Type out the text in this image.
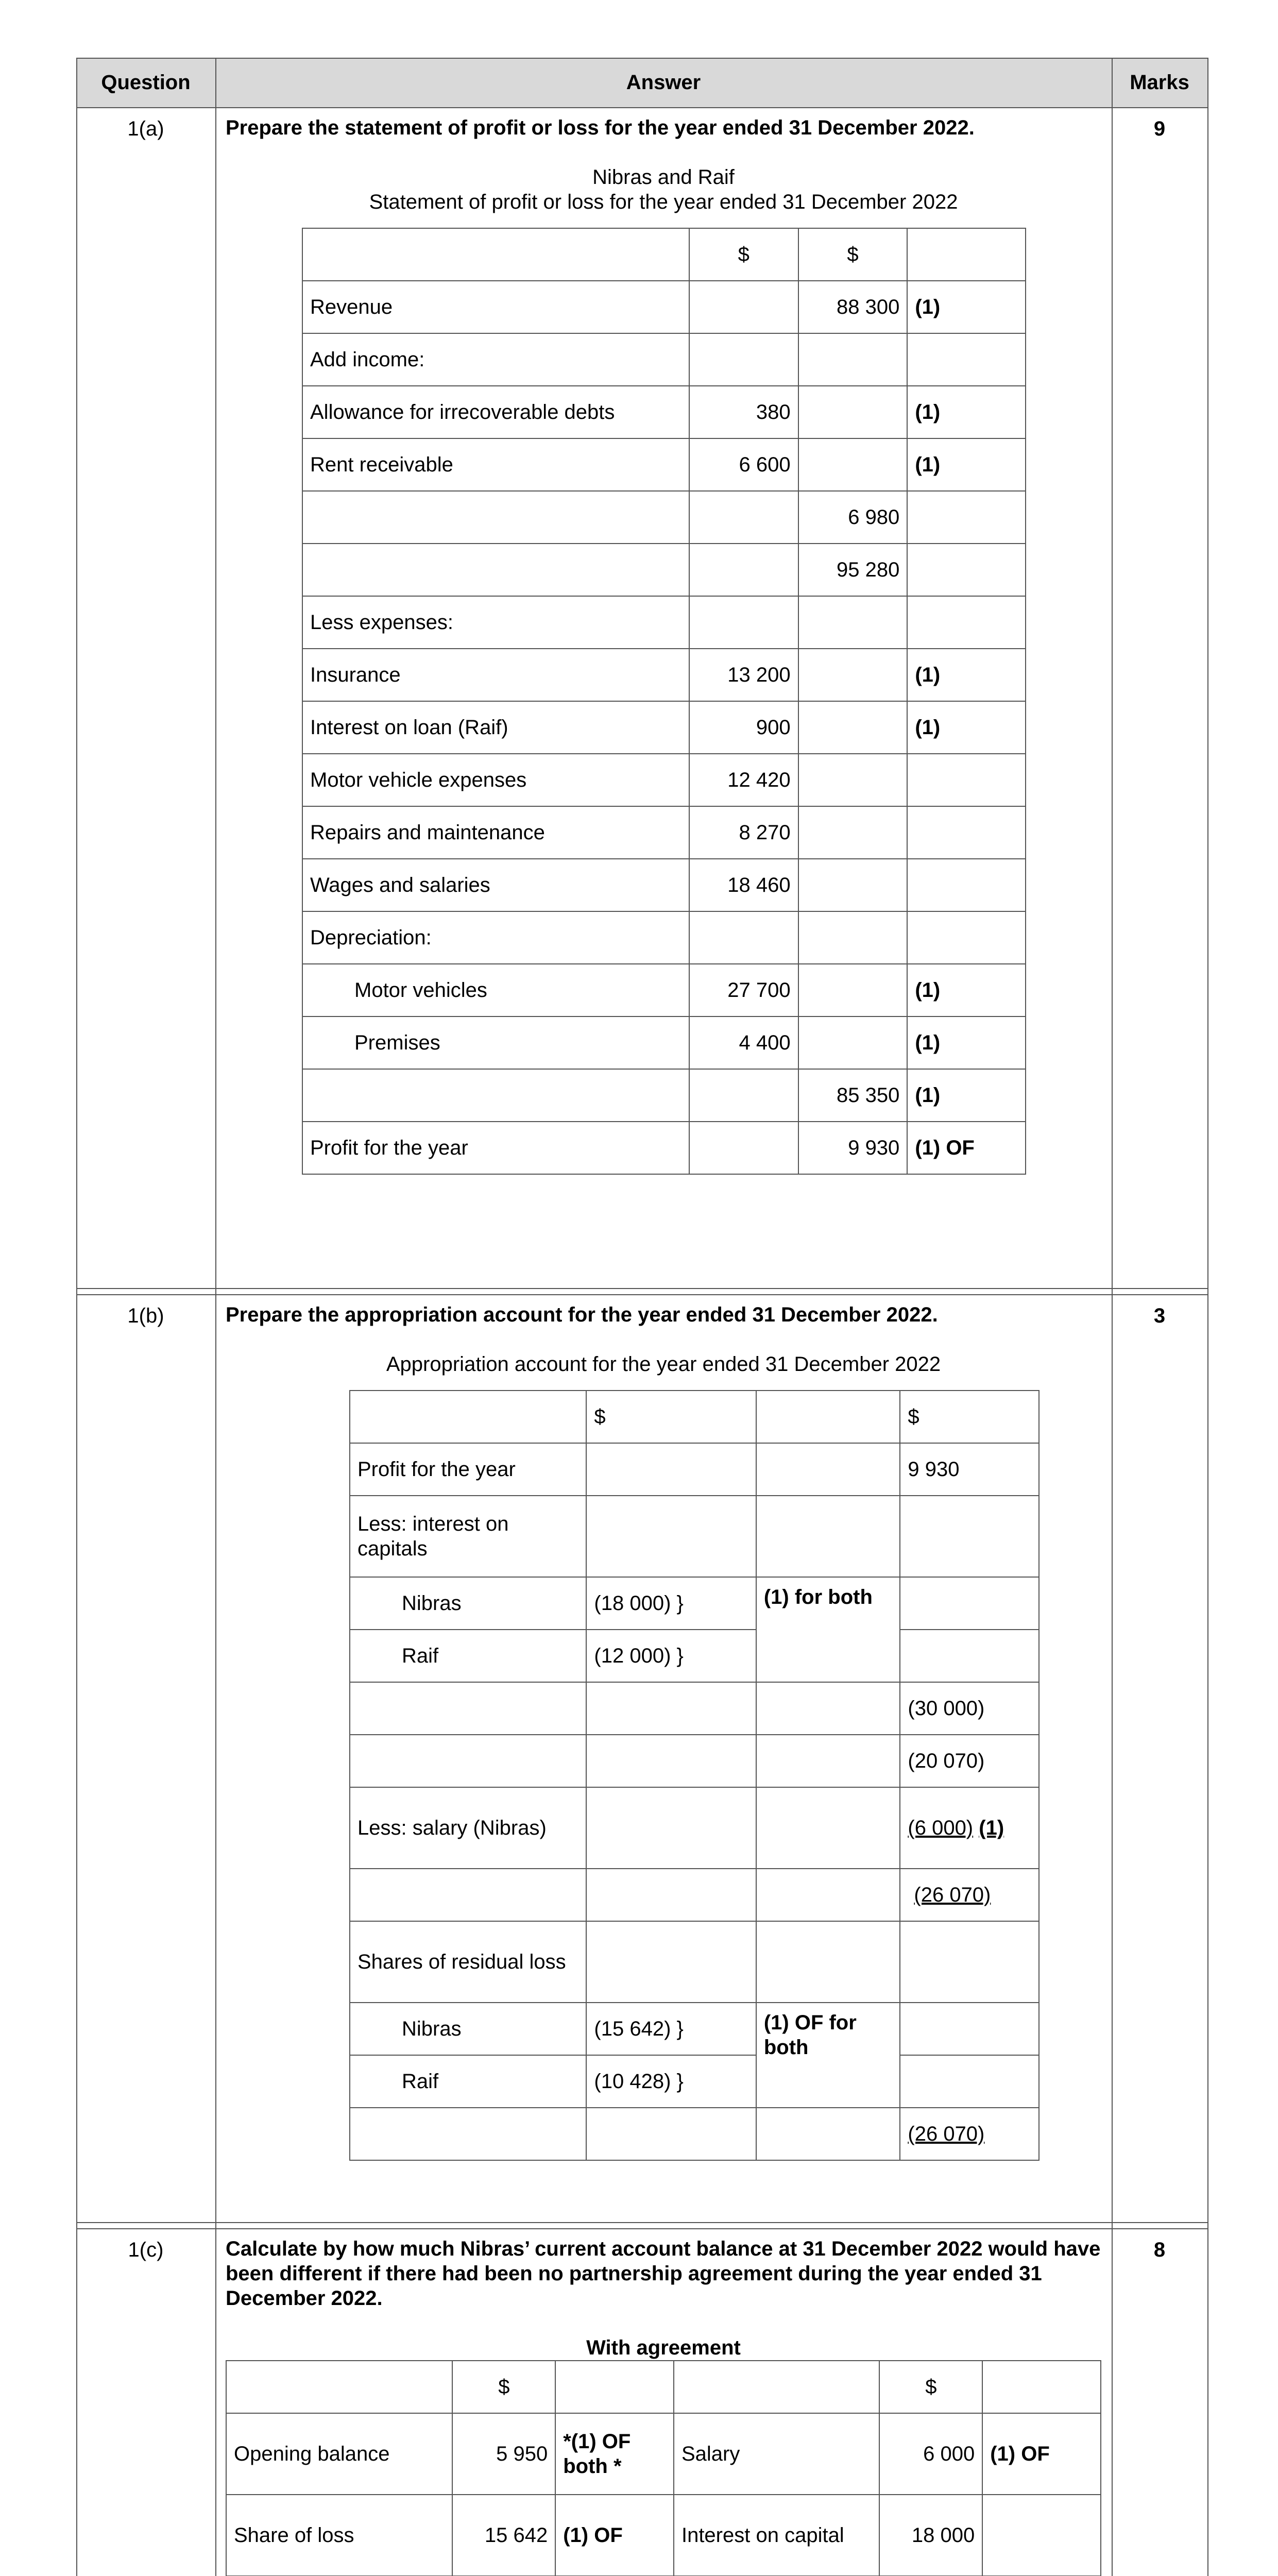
Question	Answer	Marks
1(a)	9
Prepare the statement of profit or loss for the year ended 31 December 2022.
Nibras and Raif
Statement of profit or loss for the year ended 31 December 2022
	$	$	
Revenue		88 300	(1)
Add income:			
Allowance for irrecoverable debts	380		(1)
Rent receivable	6 600		(1)
		6 980	
		95 280	
Less expenses:			
Insurance	13 200		(1)
Interest on loan (Raif)	900		(1)
Motor vehicle expenses	12 420		
Repairs and maintenance	8 270		
Wages and salaries	18 460		
Depreciation:			
Motor vehicles	27 700		(1)
Premises	4 400		(1)
		85 350	(1)
Profit for the year		9 930	(1) OF
1(b)	3
Prepare the appropriation account for the year ended 31 December 2022.
Appropriation account for the year ended 31 December 2022
	$		$
Profit for the year			9 930
Less: interest on capitals			
Nibras	(18 000) }	(1) for both	
Raif	(12 000) }		
			(30 000)
			(20 070)
Less: salary (Nibras)			(6 000) (1)
			(26 070)
Shares of residual loss			
Nibras	(15 642) }	(1) OF for both	
Raif	(10 428) }		
			(26 070)
1(c)	8
Calculate by how much Nibras’ current account balance at 31 December 2022 would have been different if there had been no partnership agreement during the year ended 31 December 2022.
With agreement
	$			$	
Opening balance	5 950	*(1) OF both *	Salary	6 000	(1) OF
Share of loss	15 642	(1) OF	Interest on capital	18 000	
